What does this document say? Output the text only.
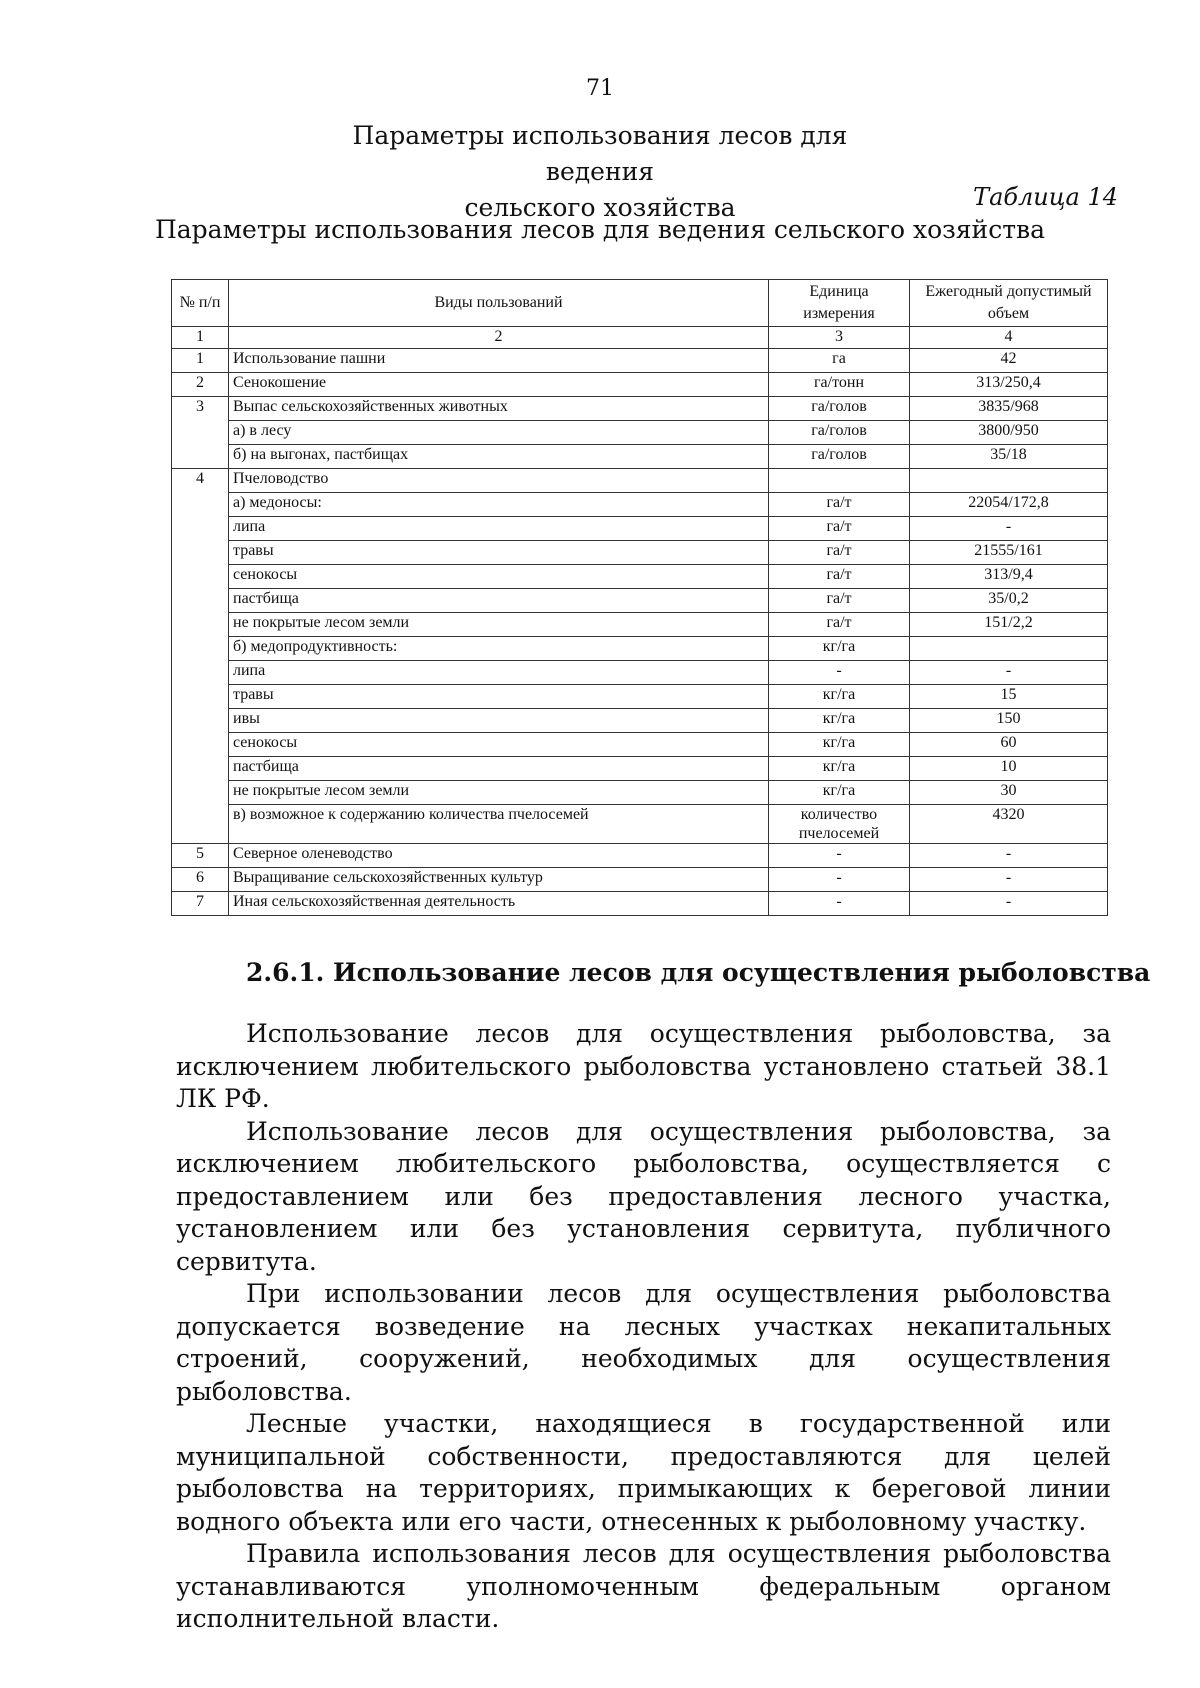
71
Параметры использования лесов для ведения
сельского хозяйства	Таблица 14
Параметры использования лесов для ведения сельского хозяйства
№ п/п	Виды пользований	Единица измерения	Ежегодный допустимый объем
1	2	3	4
1	Использование пашни	га	42
2	Сенокошение	га/тонн	313/250,4
3	Выпас сельскохозяйственных животных	га/голов	3835/968
	а) в лесу	га/голов	3800/950
	б) на выгонах, пастбищах	га/голов	35/18
4	Пчеловодство		
	а) медоносы:	га/т	22054/172,8
	липа	га/т	-
	травы	га/т	21555/161
	сенокосы	га/т	313/9,4
	пастбища	га/т	35/0,2
	не покрытые лесом земли	га/т	151/2,2
	б) медопродуктивность:	кг/га	
	липа	-	-
	травы	кг/га	15
	ивы	кг/га	150
	сенокосы	кг/га	60
	пастбища	кг/га	10
	не покрытые лесом земли	кг/га	30
	в) возможное к содержанию количества пчелосемей	количество пчелосемей	4320
5	Северное оленеводство	-	-
6	Выращивание сельскохозяйственных культур	-	-
7	Иная сельскохозяйственная деятельность	-	-
2.6.1. Использование лесов для осуществления рыболовства

Использование лесов для осуществления рыболовства, за исключением любительского рыболовства установлено статьей 38.1 ЛК РФ.

Использование лесов для осуществления рыболовства, за исключением любительского рыболовства, осуществляется с предоставлением или без предоставления лесного участка, установлением или без установления сервитута, публичного сервитута.

При использовании лесов для осуществления рыболовства допускается возведение на лесных участках некапитальных строений, сооружений, необходимых для осуществления рыболовства.

Лесные участки, находящиеся в государственной или муниципальной собственности, предоставляются для целей рыболовства на территориях, примыкающих к береговой линии водного объекта или его части, отнесенных к рыболовному участку.

Правила использования лесов для осуществления рыболовства устанавливаются уполномоченным федеральным органом исполнительной власти.
